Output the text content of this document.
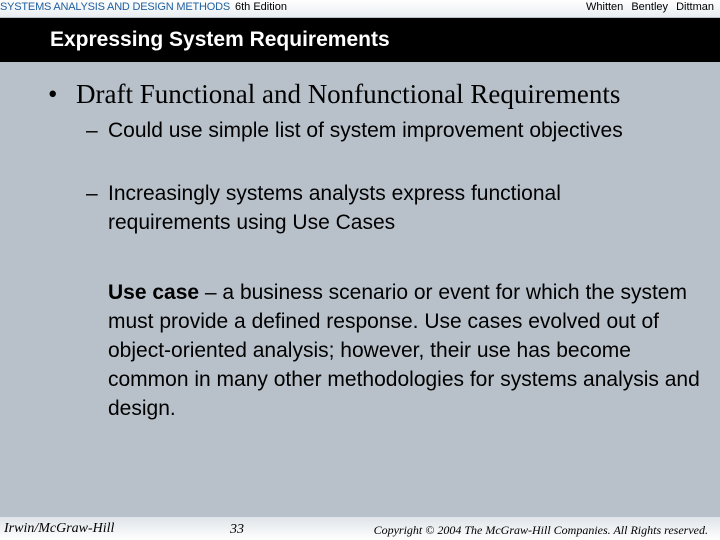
SYSTEMS ANALYSIS AND DESIGN METHODS 6th Edition	Whitten Bentley Dittman
Expressing System Requirements
• Draft Functional and Nonfunctional Requirements
– Could use simple list of system improvement objectives
– Increasingly systems analysts express functional requirements using Use Cases
Use case – a business scenario or event for which the system must provide a defined response. Use cases evolved out of object-oriented analysis; however, their use has become common in many other methodologies for systems analysis and design.
Irwin/McGraw-Hill	33	Copyright © 2004 The McGraw-Hill Companies. All Rights reserved.
